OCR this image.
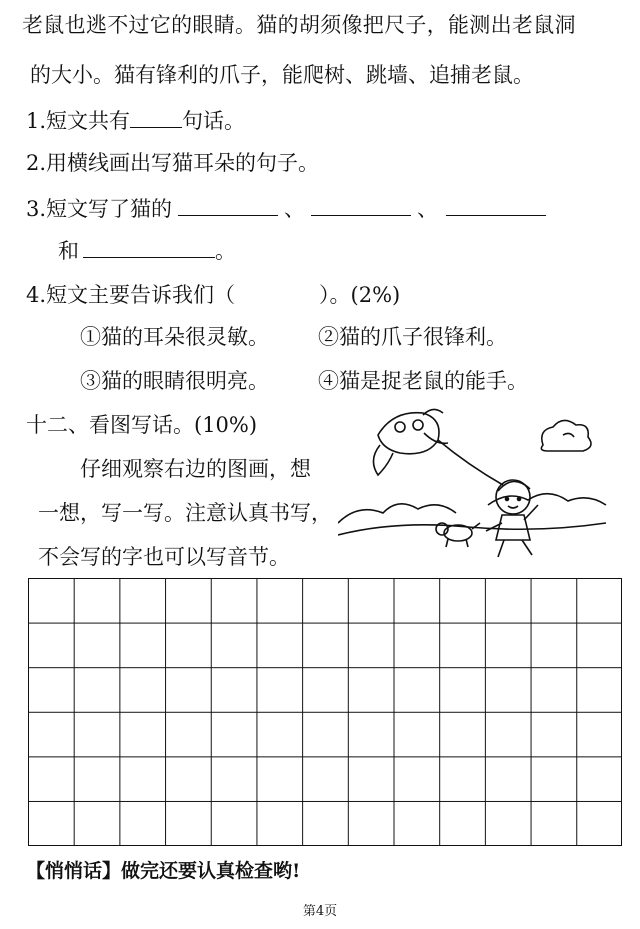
老鼠也逃不过它的眼睛。猫的胡须像把尺子，能测出老鼠洞
的大小。猫有锋利的爪子，能爬树、跳墙、追捕老鼠。
1.短文共有 句话。
2.用横线画出写猫耳朵的句子。
3.短文写了猫的	、	、
和	。
4.短文主要告诉我们（　　　　）。(2%)
①猫的耳朵很灵敏。 ②猫的爪子很锋利。
③猫的眼睛很明亮。 ④猫是捉老鼠的能手。
十二、看图写话。(10%)
仔细观察右边的图画，想
一想，写一写。注意认真书写，
不会写的字也可以写音节。
【悄悄话】做完还要认真检查哟!
第4页
